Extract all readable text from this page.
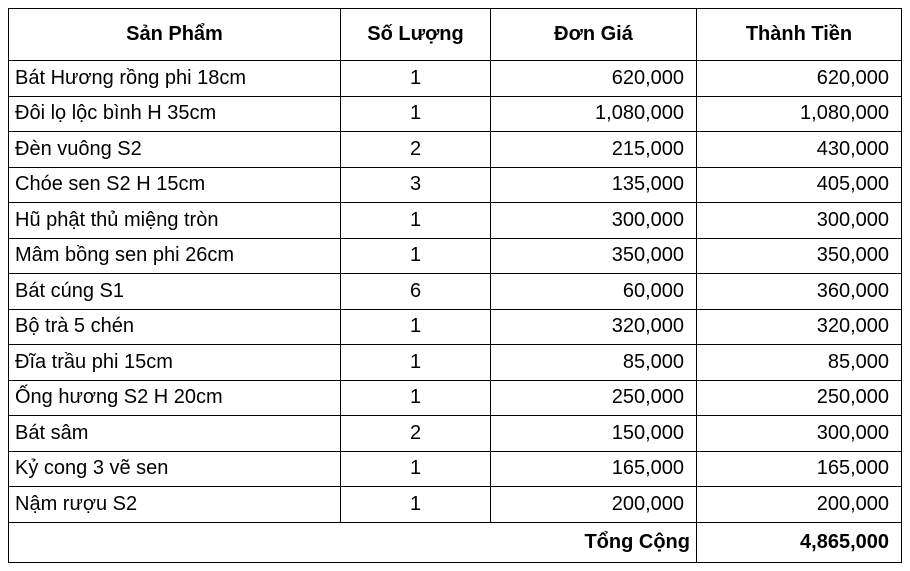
Sản Phẩm	Số Lượng	Đơn Giá	Thành Tiền
Bát Hương rồng phi 18cm	1	620,000	620,000
Đôi lọ lộc bình H 35cm	1	1,080,000	1,080,000
Đèn vuông S2	2	215,000	430,000
Chóe sen S2 H 15cm	3	135,000	405,000
Hũ phật thủ miệng tròn	1	300,000	300,000
Mâm bồng sen phi 26cm	1	350,000	350,000
Bát cúng S1	6	60,000	360,000
Bộ trà 5 chén	1	320,000	320,000
Đĩa trầu phi 15cm	1	85,000	85,000
Ống hương S2 H 20cm	1	250,000	250,000
Bát sâm	2	150,000	300,000
Kỷ cong 3 vẽ sen	1	165,000	165,000
Nậm rượu S2	1	200,000	200,000
Tổng Cộng			4,865,000
